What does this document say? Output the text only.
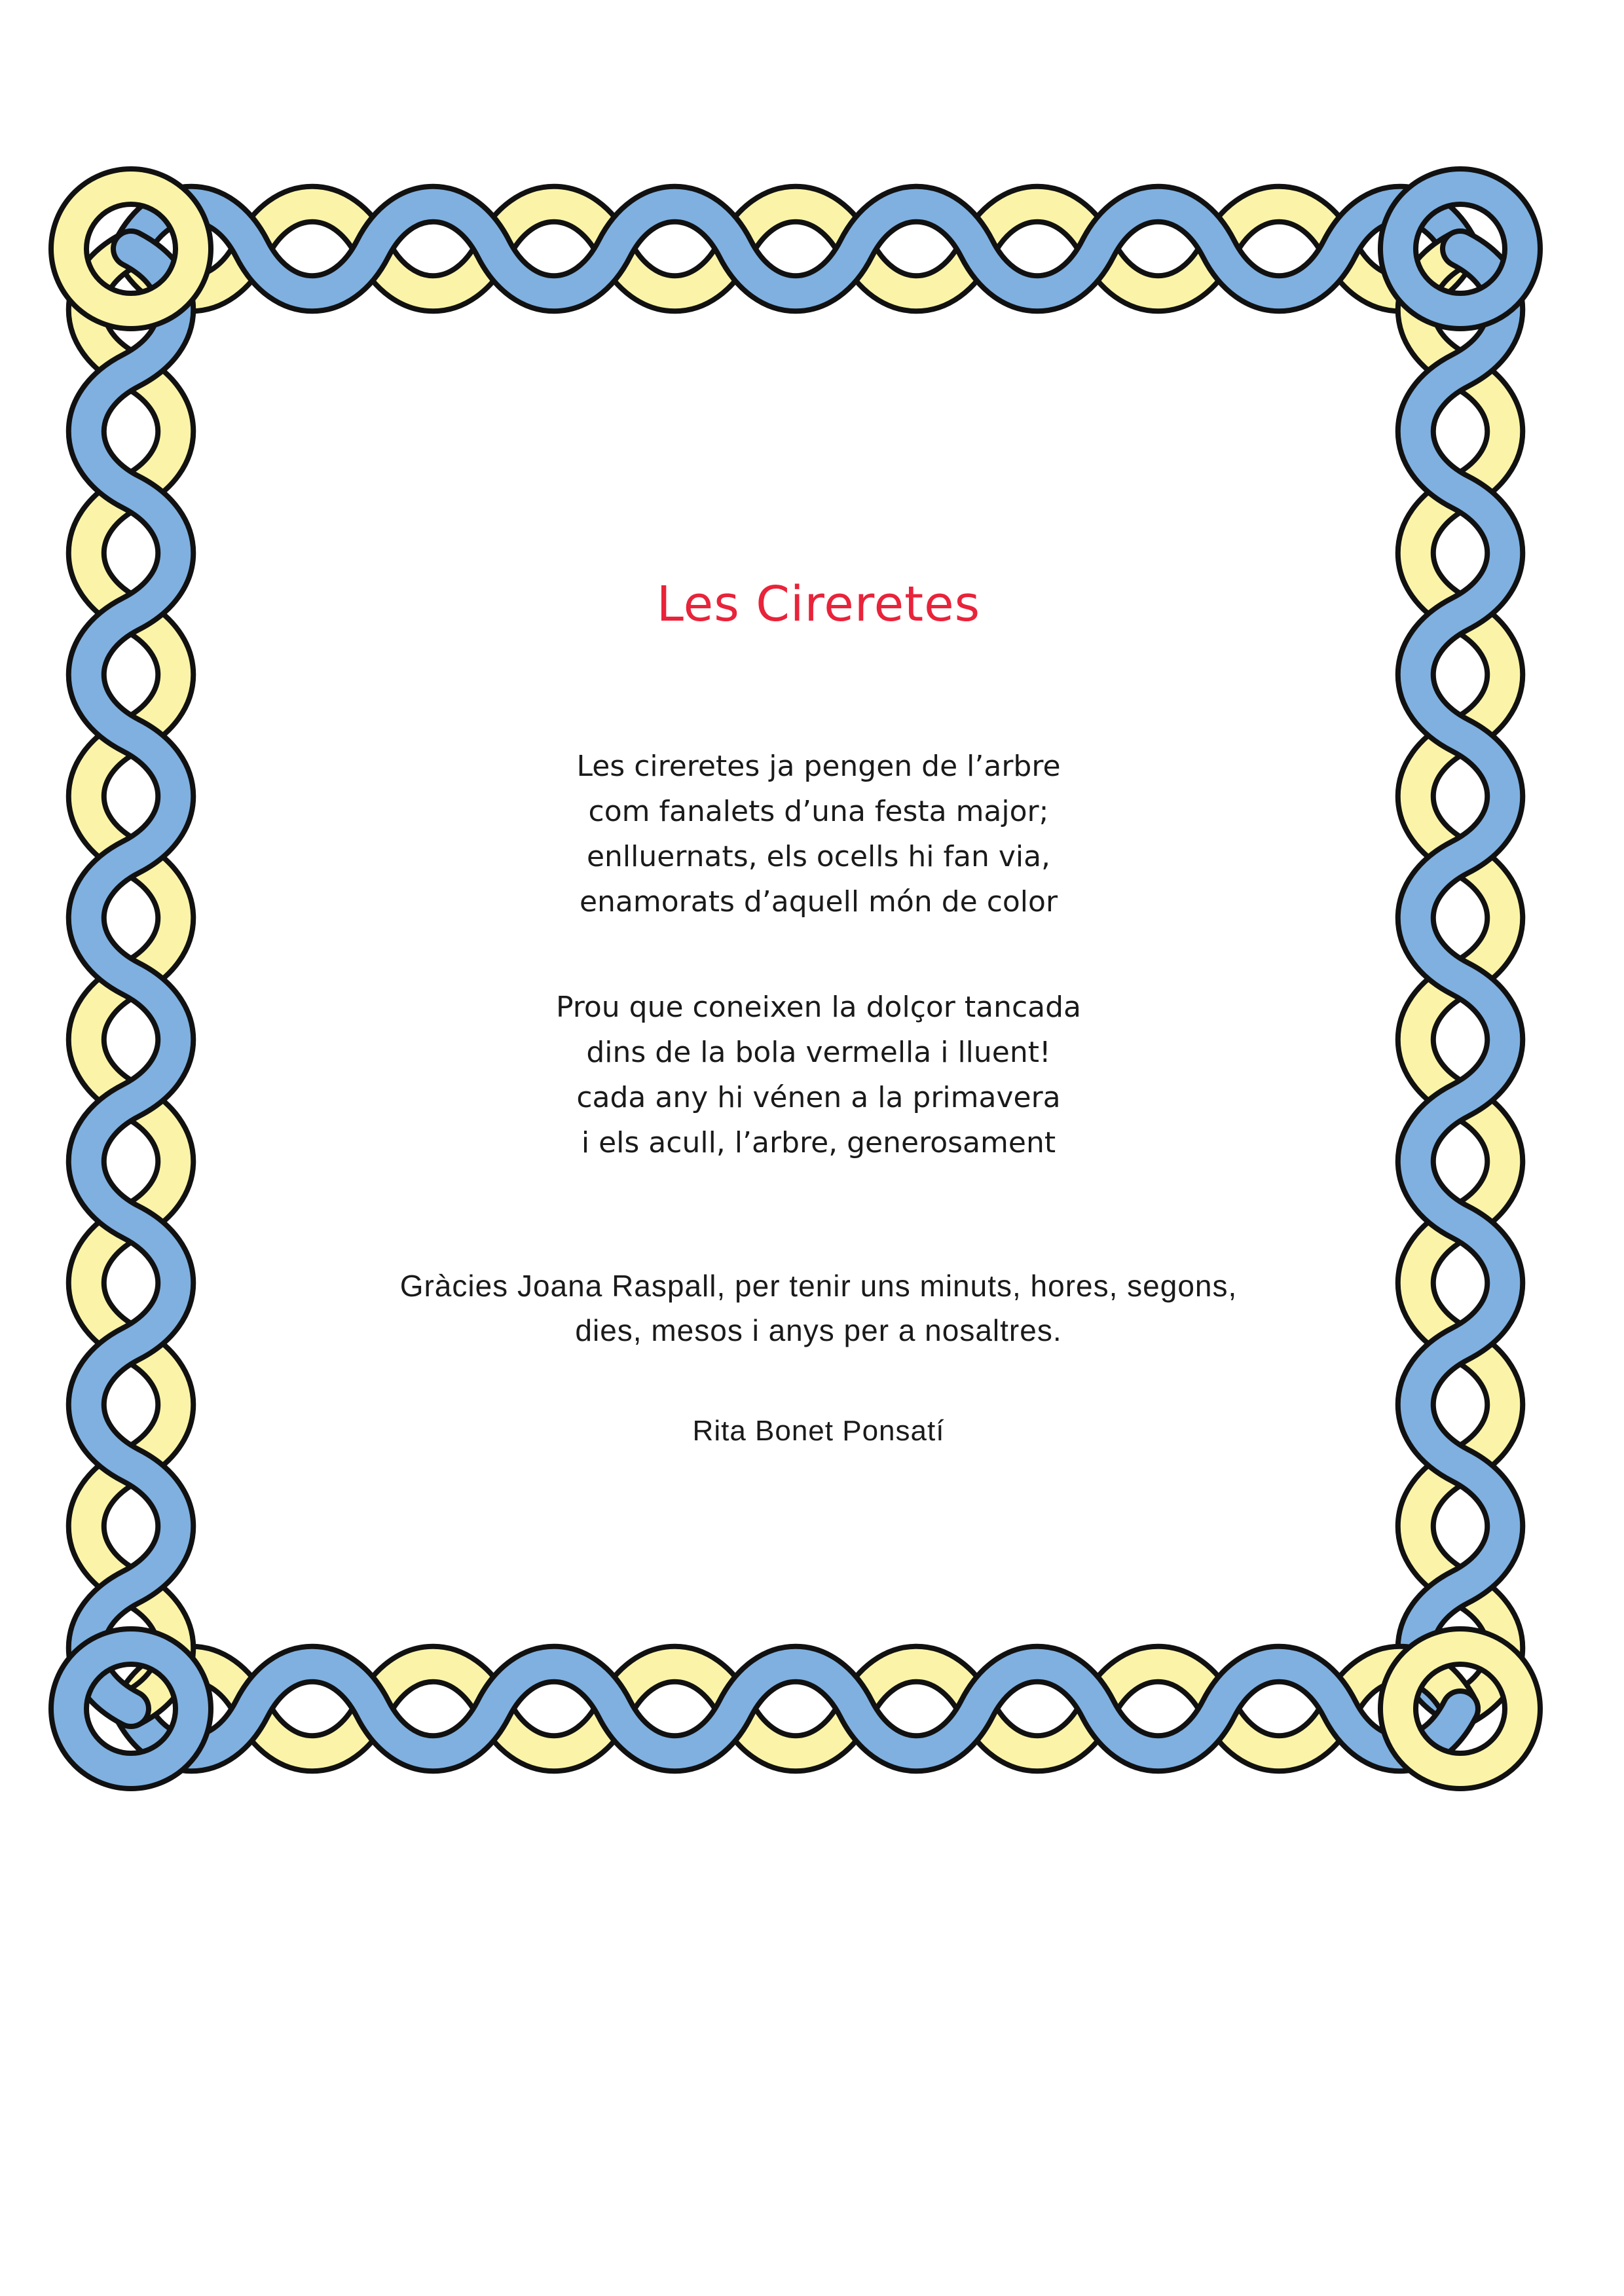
Les Cireretes
Les cireretes ja pengen de l’arbre
com fanalets d’una festa major;
enlluernats, els ocells hi fan via,
enamorats d’aquell món de color
Prou que coneixen la dolçor tancada
dins de la bola vermella i lluent!
cada any hi vénen a la primavera
i els acull, l’arbre, generosament
Gràcies Joana Raspall, per tenir uns minuts, hores, segons,
dies, mesos i anys per a nosaltres.
Rita Bonet Ponsatí
